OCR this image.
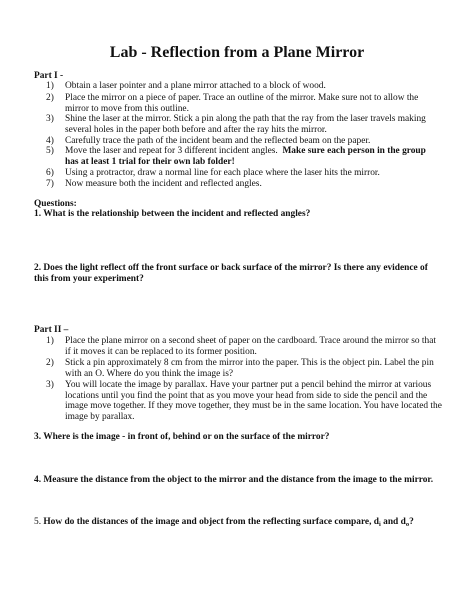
Lab - Reflection from a Plane Mirror
Part I -
1) Obtain a laser pointer and a plane mirror attached to a block of wood.
2) Place the mirror on a piece of paper. Trace an outline of the mirror. Make sure not to allow the
mirror to move from this outline.
3) Shine the laser at the mirror. Stick a pin along the path that the ray from the laser travels making
several holes in the paper both before and after the ray hits the mirror.
4) Carefully trace the path of the incident beam and the reflected beam on the paper.
5) Move the laser and repeat for 3 different incident angles. Make sure each person in the group
has at least 1 trial for their own lab folder!
6) Using a protractor, draw a normal line for each place where the laser hits the mirror.
7) Now measure both the incident and reflected angles.
Questions:
1. What is the relationship between the incident and reflected angles?
2. Does the light reflect off the front surface or back surface of the mirror? Is there any evidence of
this from your experiment?
Part II –
1) Place the plane mirror on a second sheet of paper on the cardboard. Trace around the mirror so that
if it moves it can be replaced to its former position.
2) Stick a pin approximately 8 cm from the mirror into the paper. This is the object pin. Label the pin
with an O. Where do you think the image is?
3) You will locate the image by parallax. Have your partner put a pencil behind the mirror at various
locations until you find the point that as you move your head from side to side the pencil and the
image move together. If they move together, they must be in the same location. You have located the
image by parallax.
3. Where is the image - in front of, behind or on the surface of the mirror?
4. Measure the distance from the object to the mirror and the distance from the image to the mirror.
5. How do the distances of the image and object from the reflecting surface compare, $d_i$ and $d_o$?
